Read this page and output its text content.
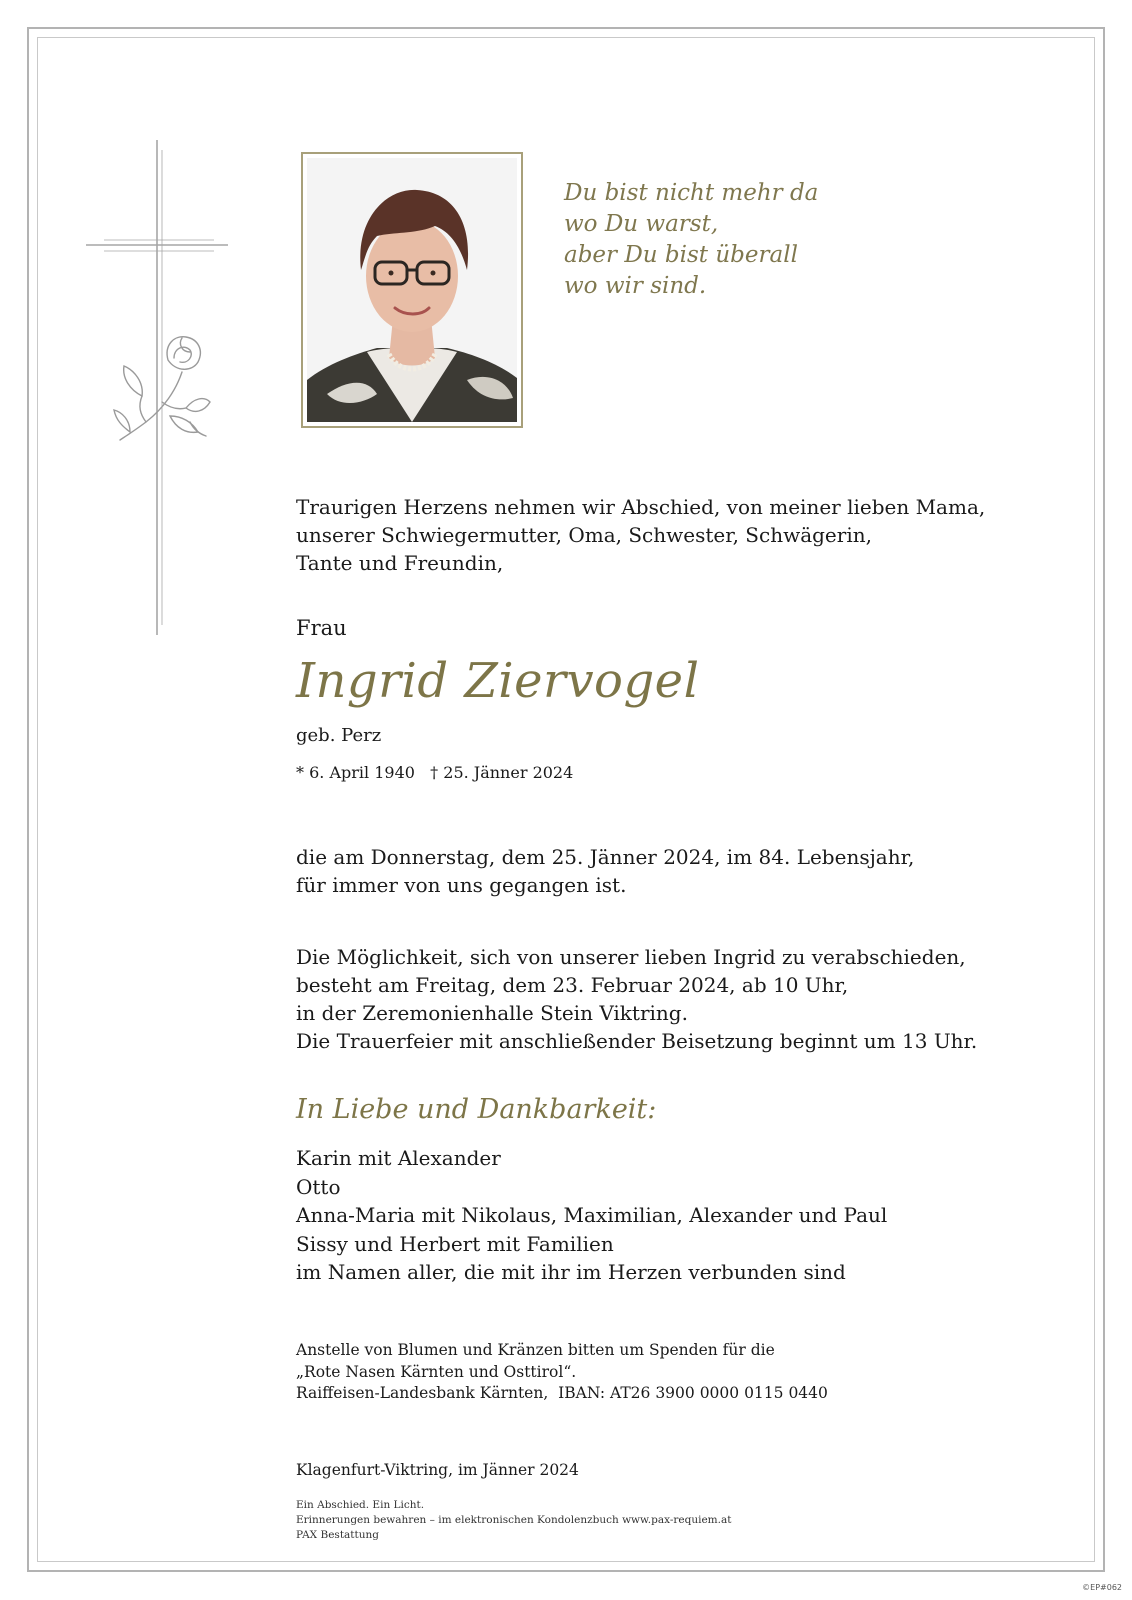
Du bist nicht mehr da
wo Du warst,
aber Du bist überall
wo wir sind.
Traurigen Herzens nehmen wir Abschied, von meiner lieben Mama,
unserer Schwiegermutter, Oma, Schwester, Schwägerin,
Tante und Freundin,
Frau
Ingrid Ziervogel
geb. Perz
* 6. April 1940   † 25. Jänner 2024
die am Donnerstag, dem 25. Jänner 2024, im 84. Lebensjahr,
für immer von uns gegangen ist.
Die Möglichkeit, sich von unserer lieben Ingrid zu verabschieden,
besteht am Freitag, dem 23. Februar 2024, ab 10 Uhr,
in der Zeremonienhalle Stein Viktring.
Die Trauerfeier mit anschließender Beisetzung beginnt um 13 Uhr.
In Liebe und Dankbarkeit:
Karin mit Alexander
Otto
Anna-Maria mit Nikolaus, Maximilian, Alexander und Paul
Sissy und Herbert mit Familien
im Namen aller, die mit ihr im Herzen verbunden sind
Anstelle von Blumen und Kränzen bitten um Spenden für die
„Rote Nasen Kärnten und Osttirol“.
Raiffeisen-Landesbank Kärnten,  IBAN: AT26 3900 0000 0115 0440
Klagenfurt-Viktring, im Jänner 2024
Ein Abschied. Ein Licht.
Erinnerungen bewahren – im elektronischen Kondolenzbuch www.pax-requiem.at
PAX Bestattung
©EP#062
